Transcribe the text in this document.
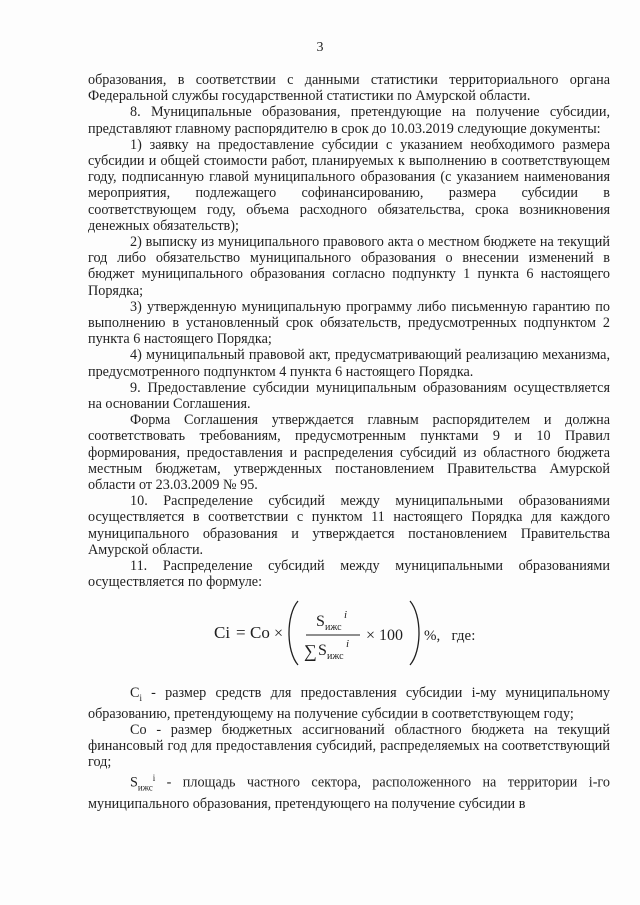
3

образования, в соответствии с данными статистики территориального органа Федеральной службы государственной статистики по Амурской области.

8. Муниципальные образования, претендующие на получение субсидии, представляют главному распорядителю в срок до 10.03.2019 следующие документы:

1) заявку на предоставление субсидии с указанием необходимого размера субсидии и общей стоимости работ, планируемых к выполнению в соответствующем году, подписанную главой муниципального образования (с указанием наименования мероприятия, подлежащего софинансированию, размера субсидии в соответствующем году, объема расходного обязательства, срока возникновения денежных обязательств);

2) выписку из муниципального правового акта о местном бюджете на текущий год либо обязательство муниципального образования о внесении изменений в бюджет муниципального образования согласно подпункту 1 пункта 6 настоящего Порядка;

3) утвержденную муниципальную программу либо письменную гарантию по выполнению в установленный срок обязательств, предусмотренных подпунктом 2 пункта 6 настоящего Порядка;

4) муниципальный правовой акт, предусматривающий реализацию механизма, предусмотренного подпунктом 4 пункта 6 настоящего Порядка.

9. Предоставление субсидии муниципальным образованиям осуществляется на основании Соглашения.

Форма Соглашения утверждается главным распорядителем и должна соответствовать требованиям, предусмотренным пунктами 9 и 10 Правил формирования, предоставления и распределения субсидий из областного бюджета местным бюджетам, утвержденных постановлением Правительства Амурской области от 23.03.2009 № 95.

10. Распределение субсидий между муниципальными образованиями осуществляется в соответствии с пунктом 11 настоящего Порядка для каждого муниципального образования и утверждается постановлением Правительства Амурской области.

11. Распределение субсидий между муниципальными образованиями осуществляется по формуле:

Ci = Co ×
S ижс
i
∑ S ижс
i × 100 %,   где:

$C_i$ - размер средств для предоставления субсидии i-му муниципальному образованию, претендующему на получение субсидии в соответствующем году;

Co - размер бюджетных ассигнований областного бюджета на текущий финансовый год для предоставления субсидий, распределяемых на соответствующий год;

$S_{ижс}^i$ - площадь частного сектора, расположенного на территории i-го муниципального образования, претендующего на получение субсидии в
